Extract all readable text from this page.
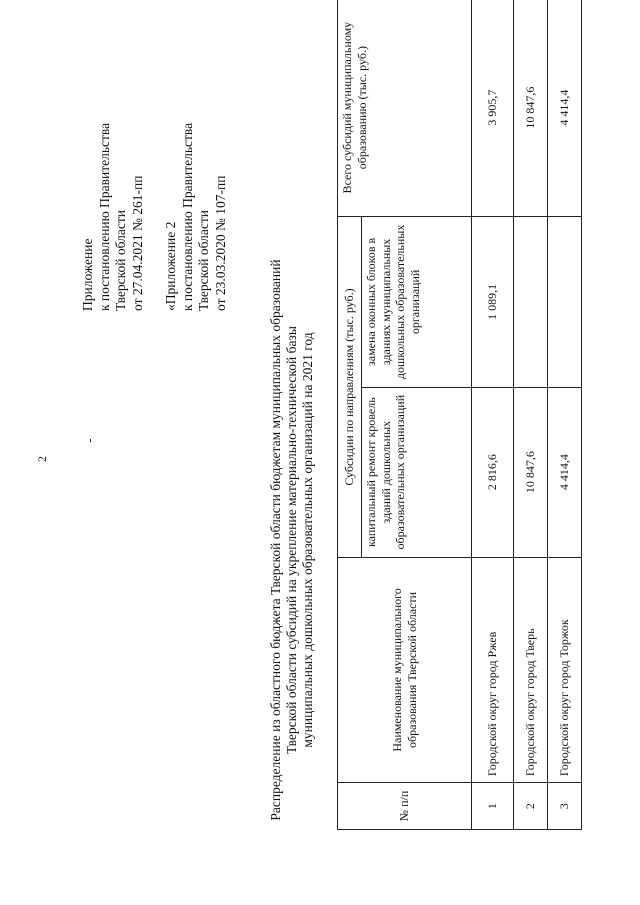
2
Приложение к постановлению Правительства Тверской области от 27.04.2021 № 261-пп «Приложение 2 к постановлению Правительства Тверской области от 23.03.2020 № 107-пп
Распределение из областного бюджета Тверской области бюджетам муниципальных образований Тверской области субсидий на укрепление материально-технической базы муниципальных дошкольных образовательных организаций на 2021 год
№ п/п	Наименование муниципального образования Тверской области	Субсидии по направлениям (тыс. руб.)		Всего субсидий муниципальному образованию (тыс. руб.)
		капитальный ремонт кровель зданий дошкольных образовательных организаций	замена оконных блоков в зданиях муниципальных дошкольных образовательных организаций	
1	Городской округ город Ржев	2 816,6	1 089,1	3 905,7
2	Городской округ город Тверь	10 847,6		10 847,6
3	Городской округ город Торжок	4 414,4		4 414,4
